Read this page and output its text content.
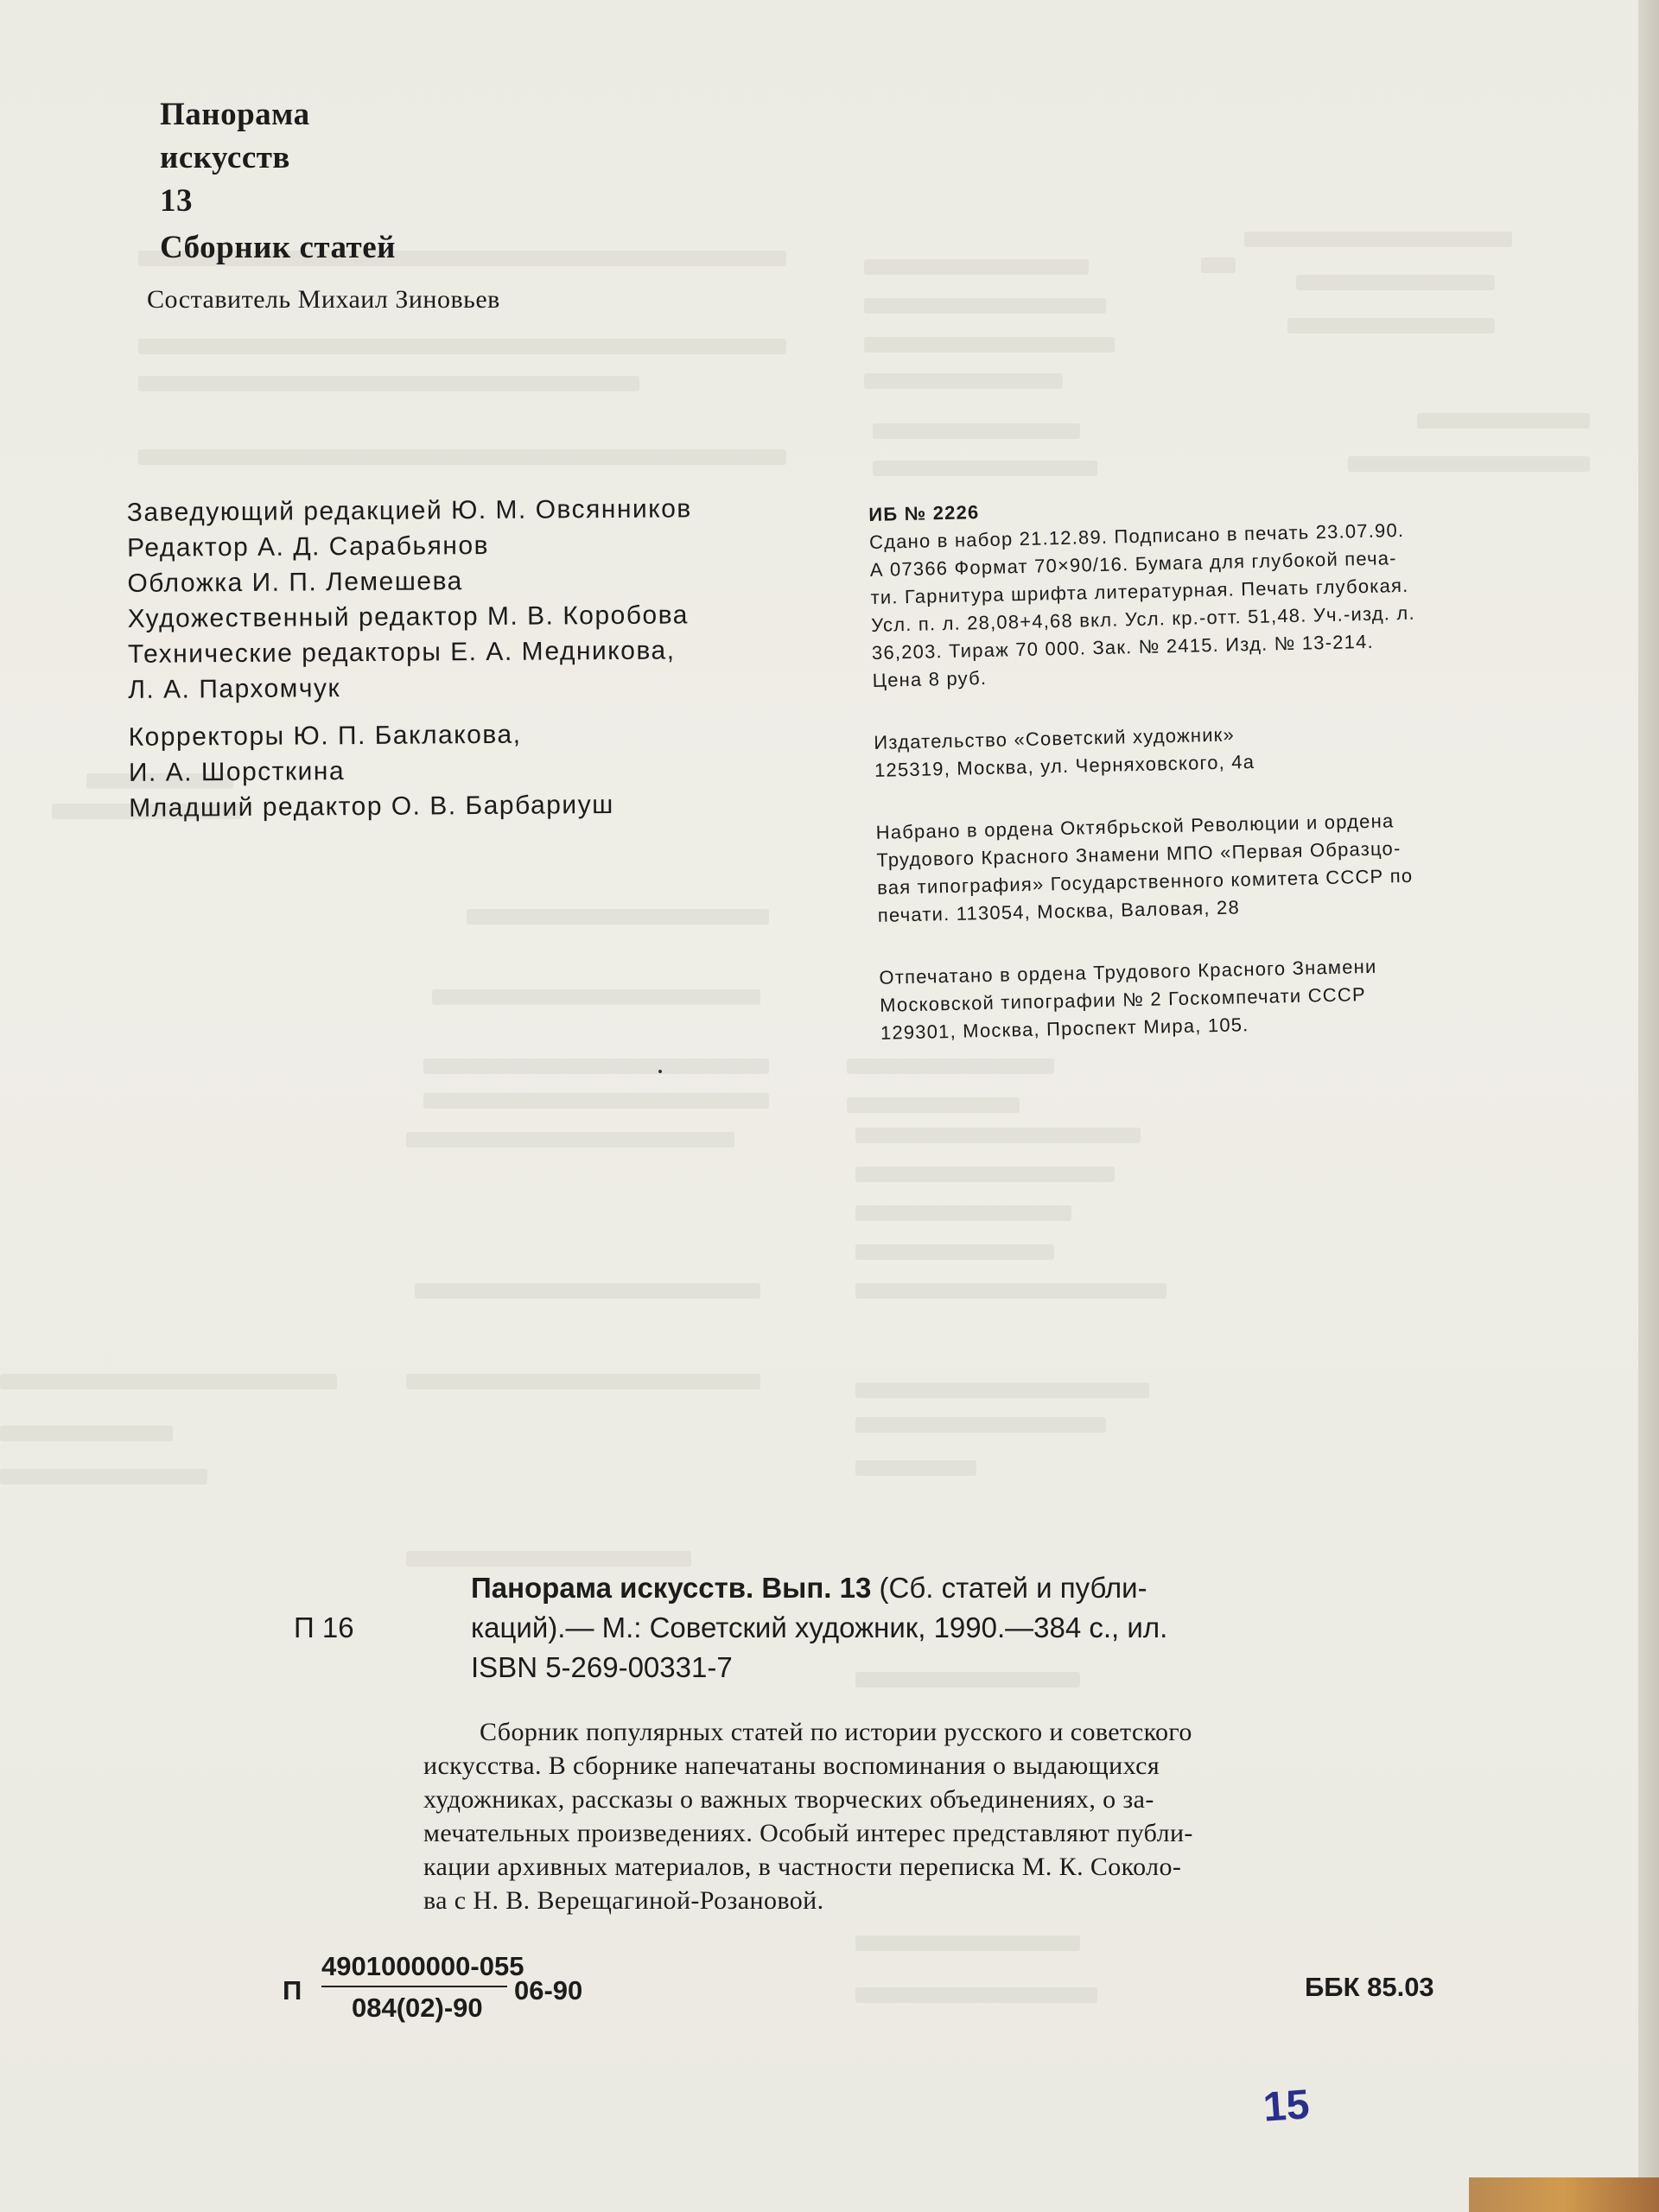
Панорама
искусств
13
Сборник статей
Составитель Михаил Зиновьев
Заведующий редакцией Ю. М. Овсянников
Редактор А. Д. Сарабьянов
Обложка И. П. Лемешева
Художественный редактор М. В. Коробова
Технические редакторы Е. А. Медникова,
Л. А. Пархомчук
Корректоры Ю. П. Баклакова,
И. А. Шорсткина
Младший редактор О. В. Барбариуш
ИБ № 2226
Сдано в набор 21.12.89. Подписано в печать 23.07.90.
А 07366 Формат 70×90/16. Бумага для глубокой печа-
ти. Гарнитура шрифта литературная. Печать глубокая.
Усл. п. л. 28,08+4,68 вкл. Усл. кр.-отт. 51,48. Уч.-изд. л.
36,203. Тираж 70 000. Зак. № 2415. Изд. № 13-214.
Цена 8 руб.
Издательство «Советский художник»
125319, Москва, ул. Черняховского, 4а
Набрано в ордена Октябрьской Революции и ордена
Трудового Красного Знамени МПО «Первая Образцо-
вая типография» Государственного комитета СССР по
печати. 113054, Москва, Валовая, 28
Отпечатано в ордена Трудового Красного Знамени
Московской типографии № 2 Госкомпечати СССР
129301, Москва, Проспект Мира, 105.
Панорама искусств. Вып. 13 (Сб. статей и публи-
П 16	каций).— М.: Советский художник, 1990.—384 с., ил.
ISBN 5-269-00331-7
Сборник популярных статей по истории русского и советского
искусства. В сборнике напечатаны воспоминания о выдающихся
художниках, рассказы о важных творческих объединениях, о за-
мечательных произведениях. Особый интерес представляют публи-
кации архивных материалов, в частности переписка М. К. Соколо-
ва с Н. В. Верещагиной-Розановой.
П
4901000000-055
084(02)-90
06-90	ББК 85.03
15
